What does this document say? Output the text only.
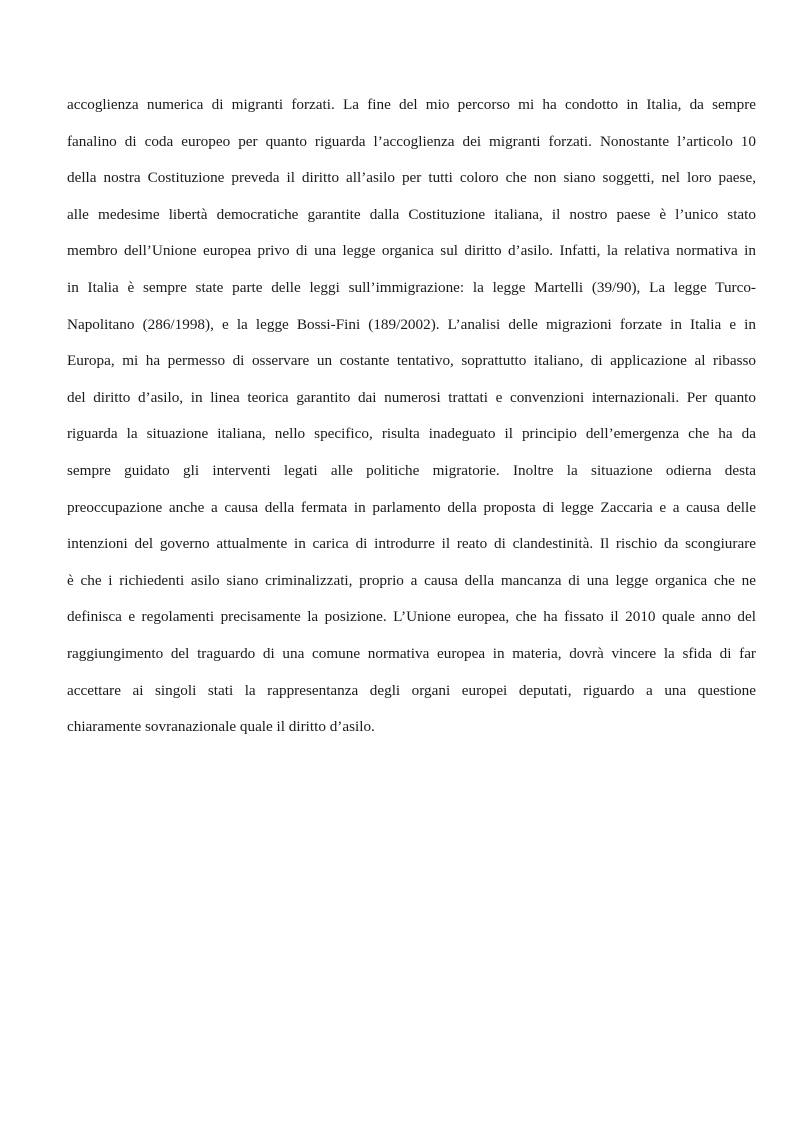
accoglienza numerica di migranti forzati. La fine del mio percorso mi ha condotto in Italia, da sempre
fanalino di coda europeo per quanto riguarda l’accoglienza dei migranti forzati. Nonostante l’articolo 10
della nostra Costituzione preveda il diritto all’asilo per tutti coloro che non siano soggetti, nel loro paese,
alle medesime libertà democratiche garantite dalla Costituzione italiana, il nostro paese è l’unico stato
membro dell’Unione europea privo di una legge organica sul diritto d’asilo. Infatti, la relativa normativa in
in Italia è sempre state parte delle leggi sull’immigrazione: la legge Martelli (39/90), La legge Turco-
Napolitano (286/1998), e la legge Bossi-Fini (189/2002). L’analisi delle migrazioni forzate in Italia e in
Europa, mi ha permesso di osservare un costante tentativo, soprattutto italiano, di applicazione al ribasso
del diritto d’asilo, in linea teorica garantito dai numerosi trattati e convenzioni internazionali. Per quanto
riguarda la situazione italiana, nello specifico, risulta inadeguato il principio dell’emergenza che ha da
sempre guidato gli interventi legati alle politiche migratorie. Inoltre la situazione odierna desta
preoccupazione anche a causa della fermata in parlamento della proposta di legge Zaccaria e a causa delle
intenzioni del governo attualmente in carica di introdurre il reato di clandestinità. Il rischio da scongiurare
è che i richiedenti asilo siano criminalizzati, proprio a causa della mancanza di una legge organica che ne
definisca e regolamenti precisamente la posizione. L’Unione europea, che ha fissato il 2010 quale anno del
raggiungimento del traguardo di una comune normativa europea in materia, dovrà vincere la sfida di far
accettare ai singoli stati la rappresentanza degli organi europei deputati, riguardo a una questione
chiaramente sovranazionale quale il diritto d’asilo.
